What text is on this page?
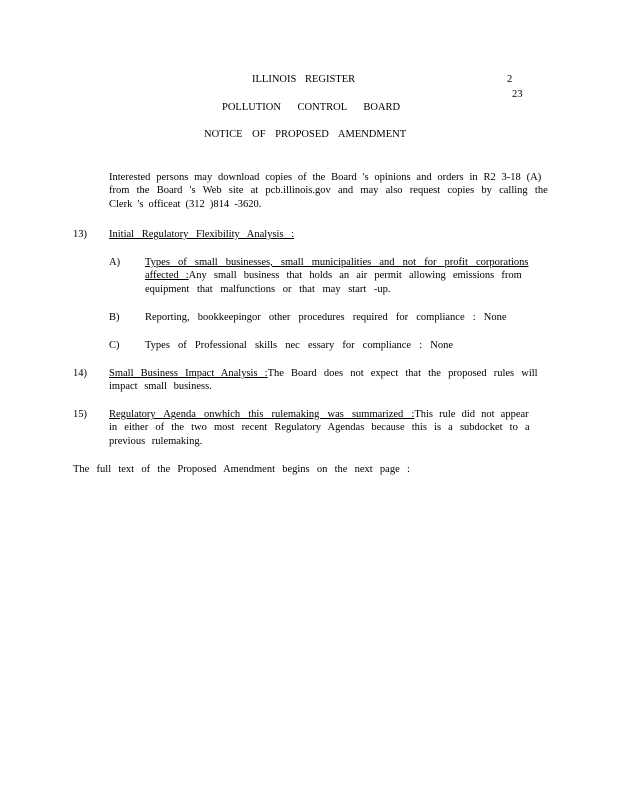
ILLINOIS REGISTER	2
23
POLLUTION CONTROL BOARD
NOTICE OF PROPOSED AMENDMENT
Interested persons may download copies of the Board 's opinions and orders in R2 3-18 (A)
from the Board 's Web site at pcb.illinois.gov and may also request copies by calling the
Clerk 's officeat (312 )814 -3620.
13) Initial Regulatory Flexibility Analysis :
A) Types of small businesses, small municipalities and not for profit corporations
affected :Any small business that holds an air permit allowing emissions from
equipment that malfunctions or that may start -up.
B) Reporting, bookkeepingor other procedures required for compliance : None
C) Types of Professional skills nec essary for compliance : None
14) Small Business Impact Analysis :The Board does not expect that the proposed rules will
impact small business.
15) Regulatory Agenda onwhich this rulemaking was summarized :This rule did not appear
in either of the two most recent Regulatory Agendas because this is a subdocket to a
previous rulemaking.
The full text of the Proposed Amendment begins on the next page :
